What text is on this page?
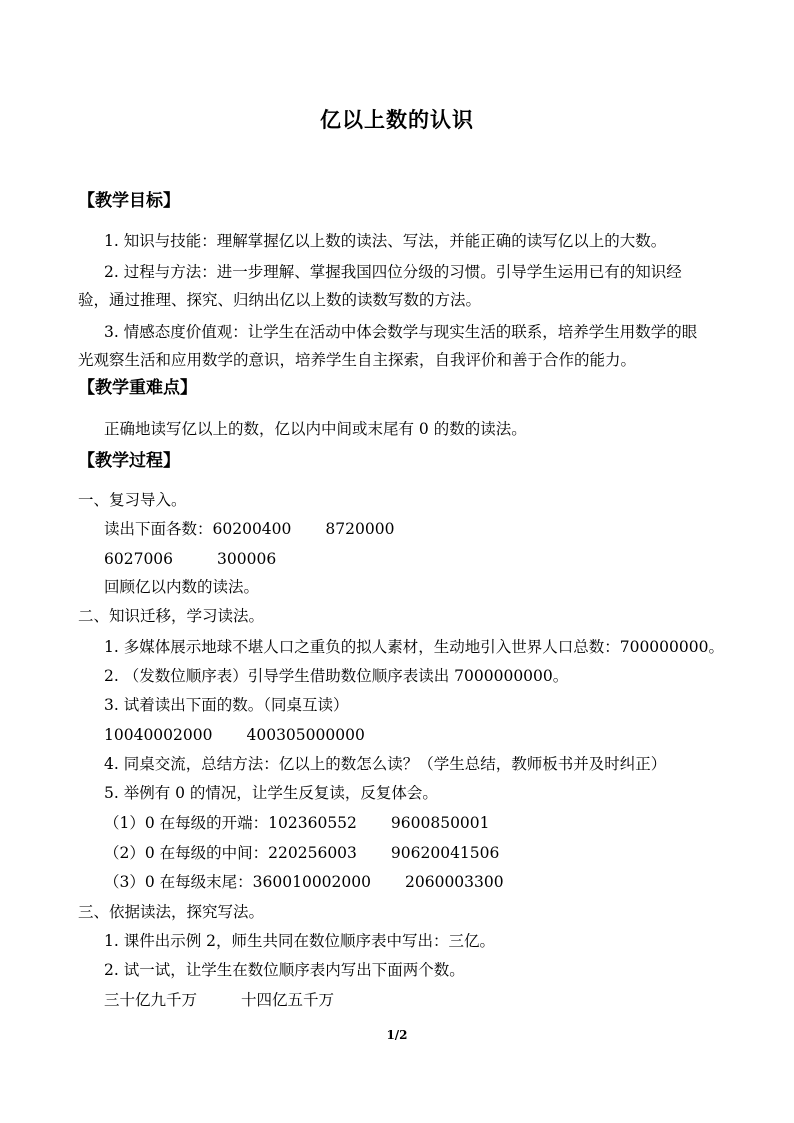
亿以上数的认识
【教学目标】
1. 知识与技能：理解掌握亿以上数的读法、写法，并能正确的读写亿以上的大数。
2. 过程与方法：进一步理解、掌握我国四位分级的习惯。引导学生运用已有的知识经
验，通过推理、探究、归纳出亿以上数的读数写数的方法。
3. 情感态度价值观：让学生在活动中体会数学与现实生活的联系，培养学生用数学的眼
光观察生活和应用数学的意识，培养学生自主探索，自我评价和善于合作的能力。
【教学重难点】
正确地读写亿以上的数，亿以内中间或末尾有 0 的数的读法。
【教学过程】
一、复习导入。
读出下面各数：60200400 8720000
6027006	300006
回顾亿以内数的读法。
二、知识迁移，学习读法。
1. 多媒体展示地球不堪人口之重负的拟人素材，生动地引入世界人口总数：700000000。
2. （发数位顺序表）引导学生借助数位顺序表读出 7000000000。
3. 试着读出下面的数。（同桌互读）
10040002000 400305000000
4. 同桌交流，总结方法：亿以上的数怎么读？（学生总结，教师板书并及时纠正）
5. 举例有 0 的情况，让学生反复读，反复体会。
（1）0 在每级的开端：102360552 9600850001
（2）0 在每级的中间：220256003 90620041506
（3）0 在每级末尾：360010002000 2060003300
三、依据读法，探究写法。
1. 课件出示例 2，师生共同在数位顺序表中写出：三亿。
2. 试一试，让学生在数位顺序表内写出下面两个数。
三十亿九千万	十四亿五千万
1/2
